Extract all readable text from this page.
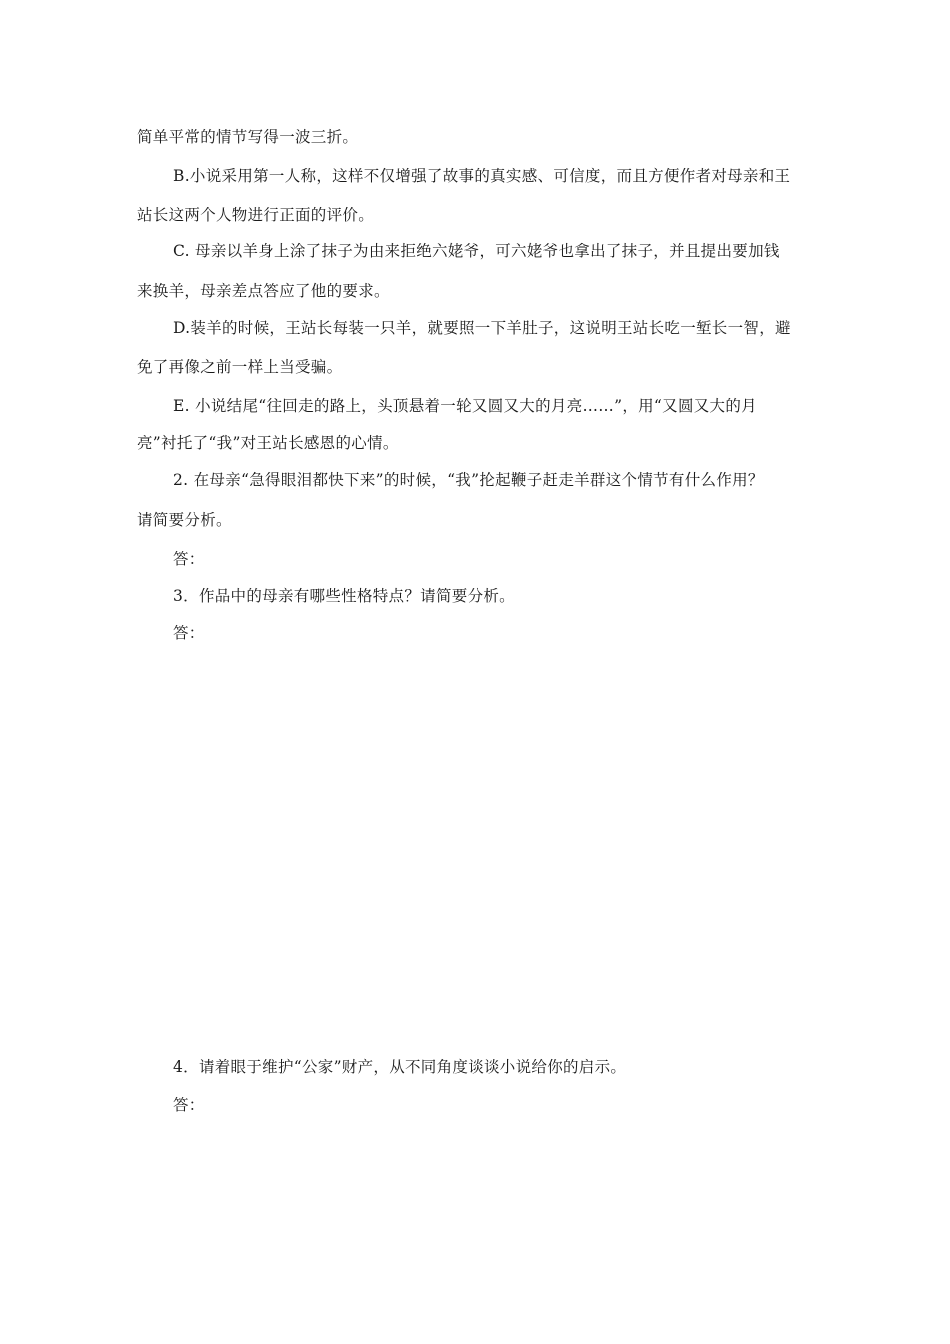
简单平常的情节写得一波三折。
B.小说采用第一人称，这样不仅增强了故事的真实感、可信度，而且方便作者对母亲和王
站长这两个人物进行正面的评价。
C. 母亲以羊身上涂了抹子为由来拒绝六姥爷，可六姥爷也拿出了抹子，并且提出要加钱
来换羊，母亲差点答应了他的要求。
D.装羊的时候，王站长每装一只羊，就要照一下羊肚子，这说明王站长吃一堑长一智，避
免了再像之前一样上当受骗。
E. 小说结尾“往回走的路上，头顶悬着一轮又圆又大的月亮……”，用“又圆又大的月
亮”衬托了“我”对王站长感恩的心情。
2. 在母亲“急得眼泪都快下来”的时候，“我”抡起鞭子赶走羊群这个情节有什么作用？
请简要分析。
答：
3．作品中的母亲有哪些性格特点？请简要分析。
答：
4．请着眼于维护“公家”财产，从不同角度谈谈小说给你的启示。
答：
